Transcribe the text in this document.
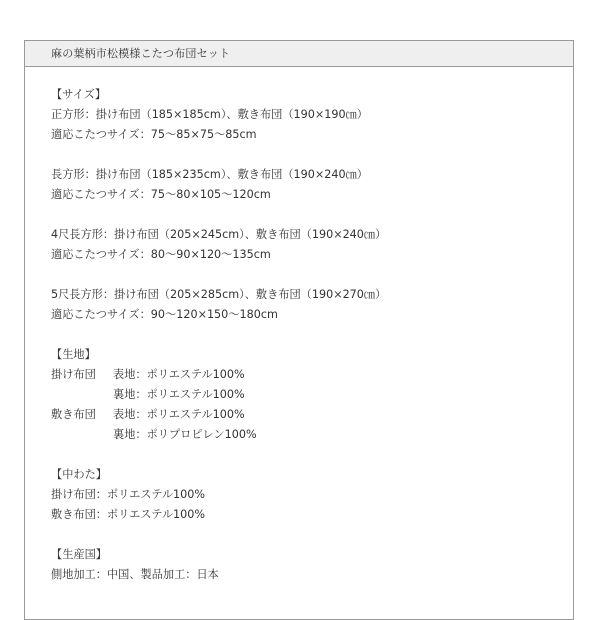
麻の葉柄市松模様こたつ布団セット
【サイズ】
正方形：掛け布団（185×185cm）、敷き布団（190×190㎝）
適応こたつサイズ：75～85×75～85cm
長方形：掛け布団（185×235cm）、敷き布団（190×240㎝）
適応こたつサイズ：75～80×105～120cm
4尺長方形：掛け布団（205×245cm）、敷き布団（190×240㎝）
適応こたつサイズ：80～90×120～135cm
5尺長方形：掛け布団（205×285cm）、敷き布団（190×270㎝）
適応こたつサイズ：90～120×150～180cm
【生地】
掛け布団	表地：ポリエステル100%
裏地：ポリエステル100%
敷き布団	表地：ポリエステル100%
裏地：ポリプロピレン100%
【中わた】
掛け布団：ポリエステル100%
敷き布団：ポリエステル100%
【生産国】
側地加工：中国、製品加工：日本
